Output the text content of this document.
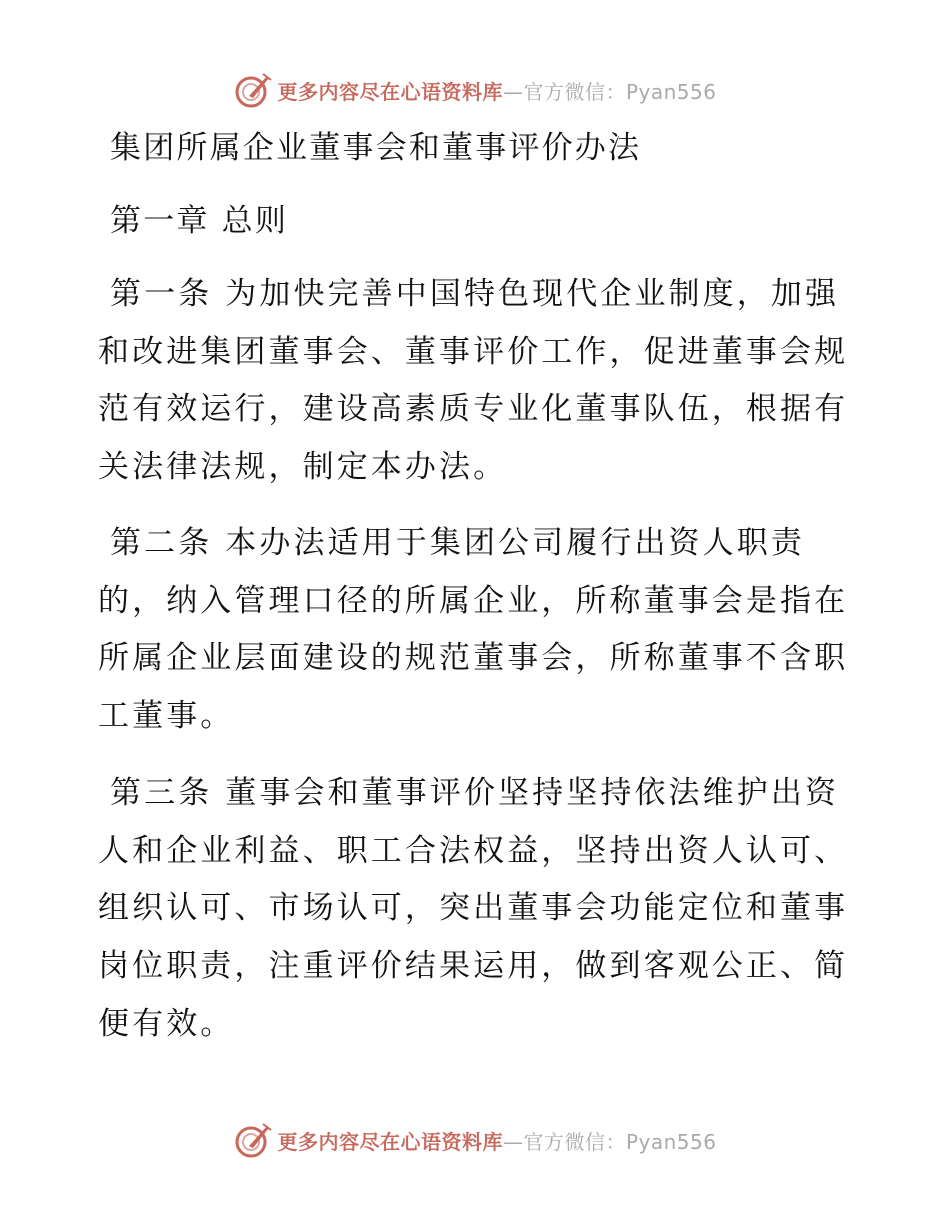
更多内容尽在心语资料库—官方微信：Pyan556
集团所属企业董事会和董事评价办法
第一章 总则
第一条 为加快完善中国特色现代企业制度，加强
和改进集团董事会、董事评价工作，促进董事会规
范有效运行，建设高素质专业化董事队伍，根据有
关法律法规，制定本办法。
第二条 本办法适用于集团公司履行出资人职责
的，纳入管理口径的所属企业，所称董事会是指在
所属企业层面建设的规范董事会，所称董事不含职
工董事。
第三条 董事会和董事评价坚持坚持依法维护出资
人和企业利益、职工合法权益，坚持出资人认可、
组织认可、市场认可，突出董事会功能定位和董事
岗位职责，注重评价结果运用，做到客观公正、简
便有效。
更多内容尽在心语资料库—官方微信：Pyan556
